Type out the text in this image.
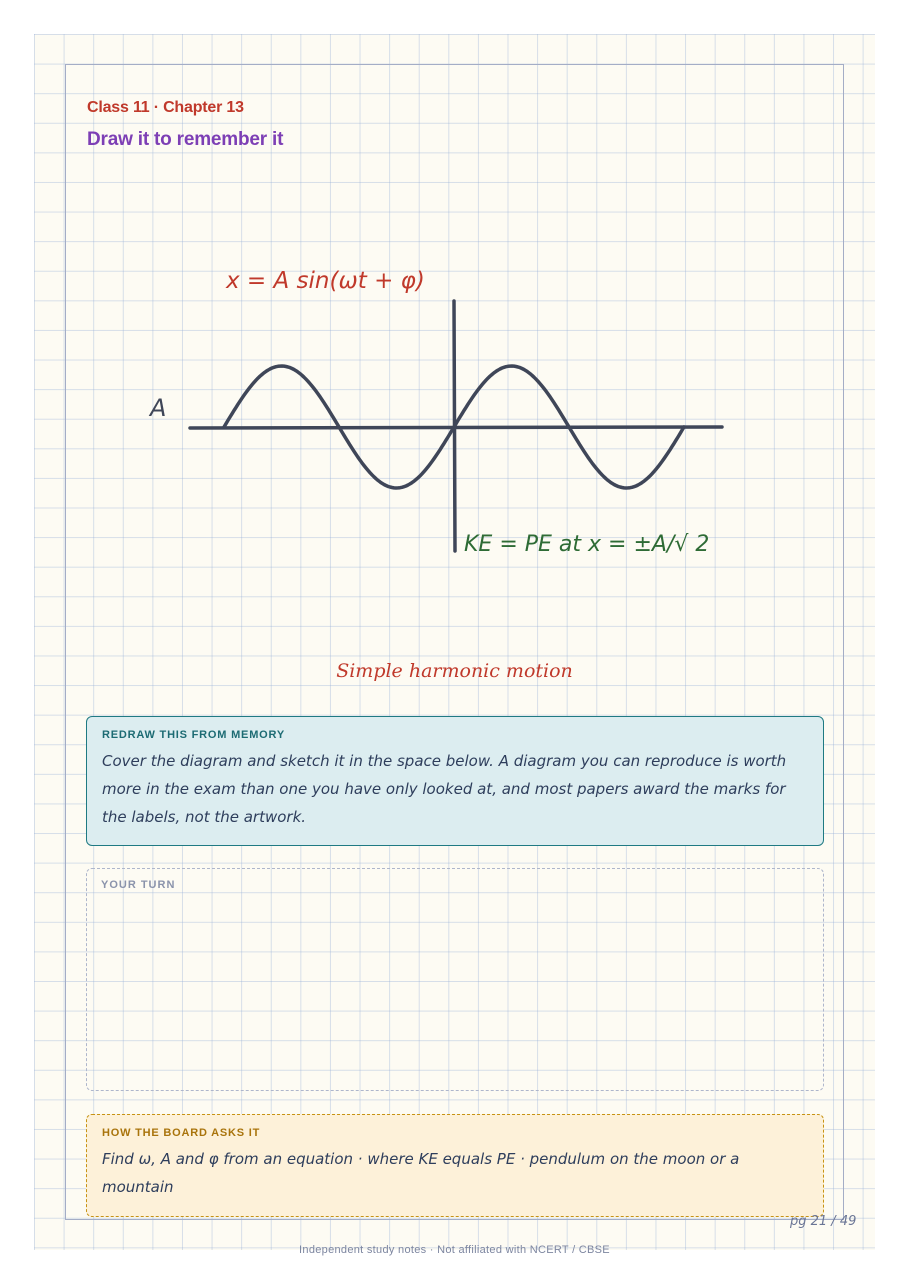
Class 11 · Chapter 13
Draw it to remember it
x = A sin(ωt + φ)
A
KE = PE at x = ±A/√ 2
Simple harmonic motion
REDRAW THIS FROM MEMORY
Cover the diagram and sketch it in the space below. A diagram you can reproduce is worth more in the exam than one you have only looked at, and most papers award the marks for the labels, not the artwork.
YOUR TURN
HOW THE BOARD ASKS IT
Find ω, A and φ from an equation · where KE equals PE · pendulum on the moon or a mountain
pg 21 / 49
Independent study notes · Not affiliated with NCERT / CBSE
